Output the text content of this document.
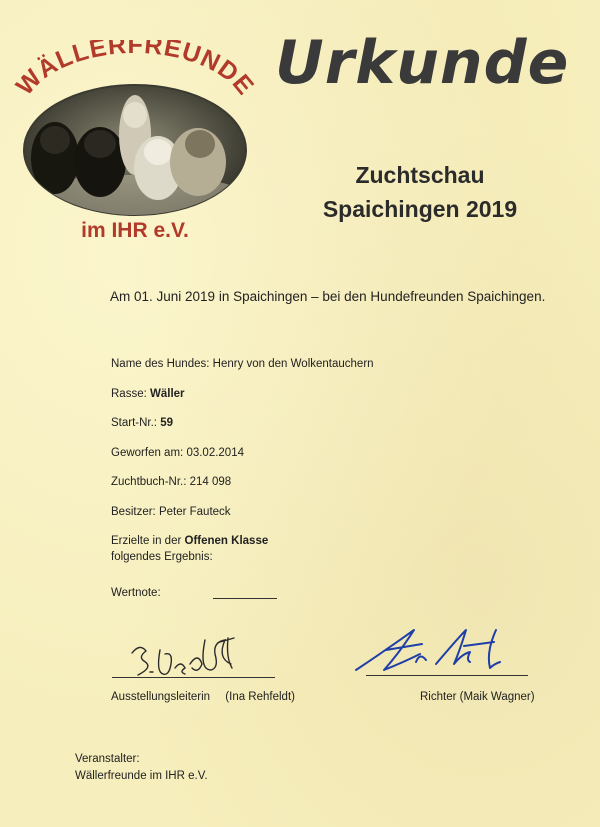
WÄLLERFREUNDE
im IHR e.V.
Urkunde
Zuchtschau
Spaichingen 2019
Am 01. Juni 2019 in Spaichingen – bei den Hundefreunden Spaichingen.
Name des Hundes: Henry von den Wolkentauchern
Rasse: Wäller
Start-Nr.: 59
Geworfen am: 03.02.2014
Zuchtbuch-Nr.: 214 098
Besitzer: Peter Fauteck
Erzielte in der Offenen Klasse
folgendes Ergebnis:
Wertnote:
Ausstellungsleiterin (Ina Rehfeldt)	Richter (Maik Wagner)
Veranstalter:
Wällerfreunde im IHR e.V.
